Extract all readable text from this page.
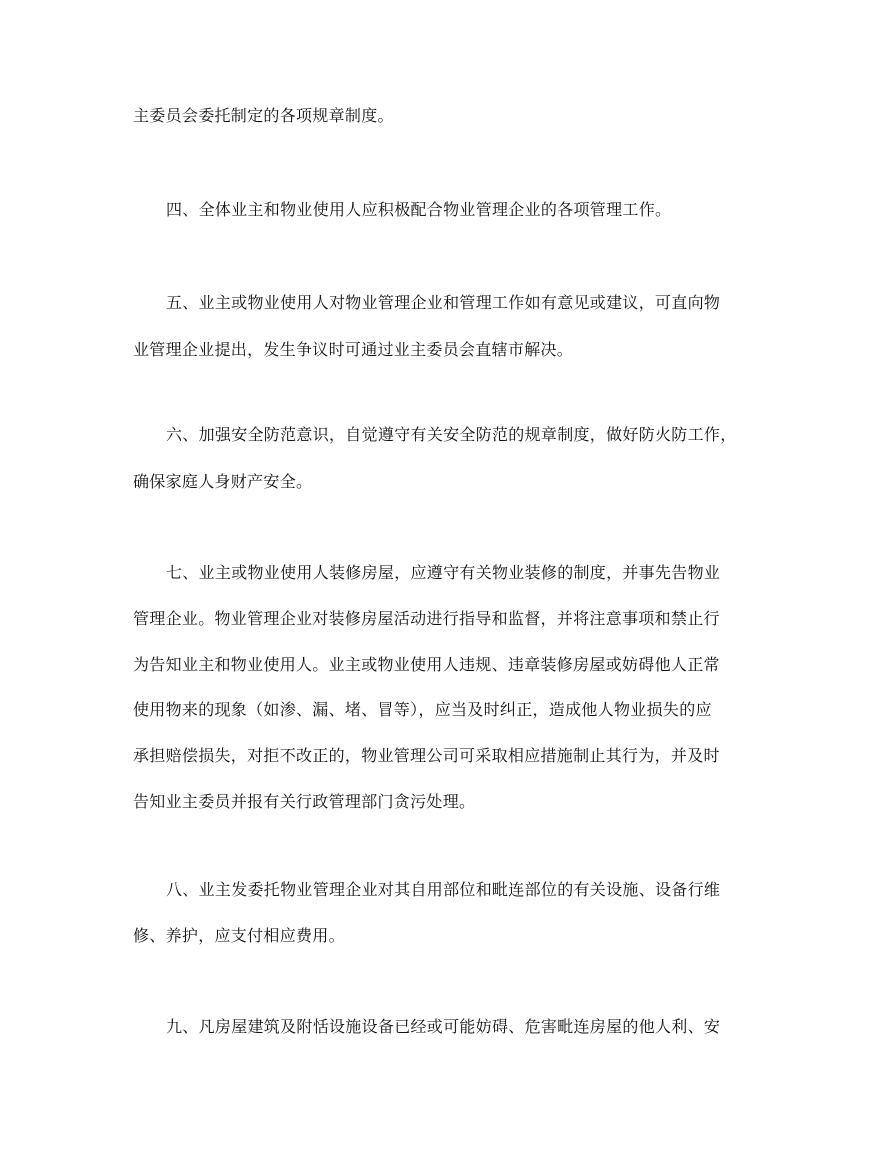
主委员会委托制定的各项规章制度。
四、全体业主和物业使用人应积极配合物业管理企业的各项管理工作。
五、业主或物业使用人对物业管理企业和管理工作如有意见或建议，可直向物
业管理企业提出，发生争议时可通过业主委员会直辖市解决。
六、加强安全防范意识，自觉遵守有关安全防范的规章制度，做好防火防工作，
确保家庭人身财产安全。
七、业主或物业使用人装修房屋，应遵守有关物业装修的制度，并事先告物业
管理企业。物业管理企业对装修房屋活动进行指导和监督，并将注意事项和禁止行
为告知业主和物业使用人。业主或物业使用人违规、违章装修房屋或妨碍他人正常
使用物来的现象（如渗、漏、堵、冒等），应当及时纠正，造成他人物业损失的应
承担赔偿损失，对拒不改正的，物业管理公司可采取相应措施制止其行为，并及时
告知业主委员并报有关行政管理部门贪污处理。
八、业主发委托物业管理企业对其自用部位和毗连部位的有关设施、设备行维
修、养护，应支付相应费用。
九、凡房屋建筑及附恬设施设备已经或可能妨碍、危害毗连房屋的他人利、安
